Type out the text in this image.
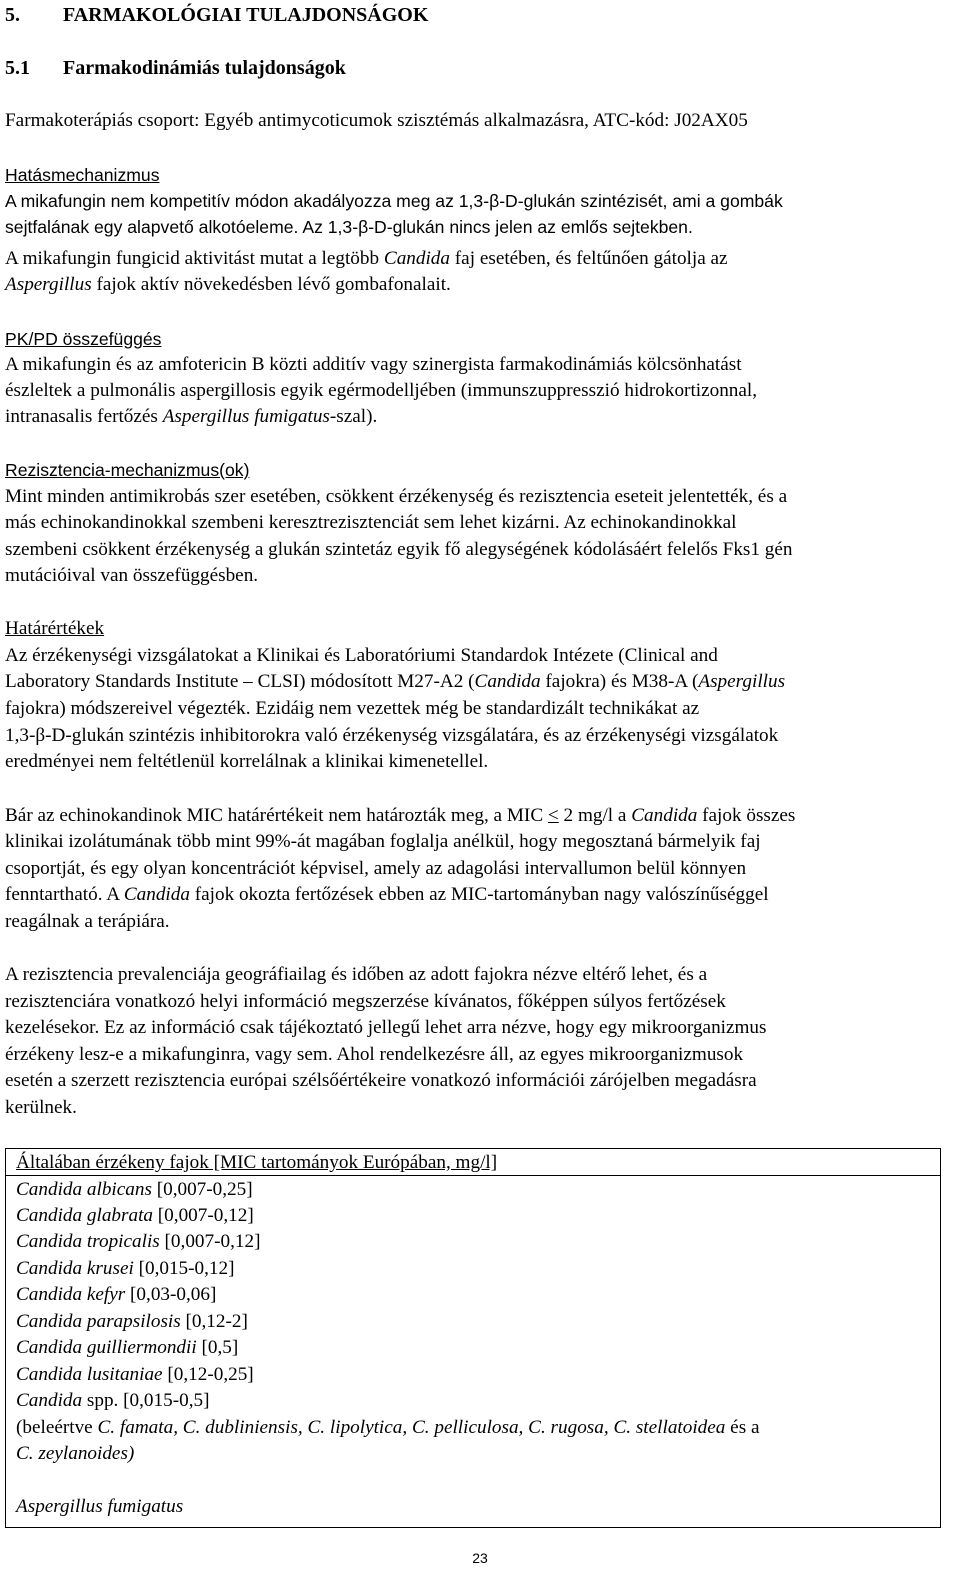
5. FARMAKOLÓGIAI TULAJDONSÁGOK
5.1 Farmakodinámiás tulajdonságok
Farmakoterápiás csoport: Egyéb antimycoticumok szisztémás alkalmazásra, ATC-kód: J02AX05
Hatásmechanizmus
A mikafungin nem kompetitív módon akadályozza meg az 1,3-β-D-glukán szintézisét, ami a gombák
sejtfalának egy alapvető alkotóeleme. Az 1,3-β-D-glukán nincs jelen az emlős sejtekben.
A mikafungin fungicid aktivitást mutat a legtöbb Candida faj esetében, és feltűnően gátolja az
Aspergillus fajok aktív növekedésben lévő gombafonalait.
PK/PD összefüggés
A mikafungin és az amfotericin B közti additív vagy szinergista farmakodinámiás kölcsönhatást
észleltek a pulmonális aspergillosis egyik egérmodelljében (immunszuppresszió hidrokortizonnal,
intranasalis fertőzés Aspergillus fumigatus-szal).
Rezisztencia-mechanizmus(ok)
Mint minden antimikrobás szer esetében, csökkent érzékenység és rezisztencia eseteit jelentették, és a
más echinokandinokkal szembeni keresztrezisztenciát sem lehet kizárni. Az echinokandinokkal
szembeni csökkent érzékenység a glukán szintetáz egyik fő alegységének kódolásáért felelős Fks1 gén
mutációival van összefüggésben.
Határértékek
Az érzékenységi vizsgálatokat a Klinikai és Laboratóriumi Standardok Intézete (Clinical and
Laboratory Standards Institute – CLSI) módosított M27-A2 (Candida fajokra) és M38-A (Aspergillus
fajokra) módszereivel végezték. Ezidáig nem vezettek még be standardizált technikákat az
1,3-β-D-glukán szintézis inhibitorokra való érzékenység vizsgálatára, és az érzékenységi vizsgálatok
eredményei nem feltétlenül korrelálnak a klinikai kimenetellel.
Bár az echinokandinok MIC határértékeit nem határozták meg, a MIC < 2 mg/l a Candida fajok összes
klinikai izolátumának több mint 99%-át magában foglalja anélkül, hogy megosztaná bármelyik faj
csoportját, és egy olyan koncentrációt képvisel, amely az adagolási intervallumon belül könnyen
fenntartható. A Candida fajok okozta fertőzések ebben az MIC-tartományban nagy valószínűséggel
reagálnak a terápiára.
A rezisztencia prevalenciája geográfiailag és időben az adott fajokra nézve eltérő lehet, és a
rezisztenciára vonatkozó helyi információ megszerzése kívánatos, főképpen súlyos fertőzések
kezelésekor. Ez az információ csak tájékoztató jellegű lehet arra nézve, hogy egy mikroorganizmus
érzékeny lesz-e a mikafunginra, vagy sem. Ahol rendelkezésre áll, az egyes mikroorganizmusok
esetén a szerzett rezisztencia európai szélsőértékeire vonatkozó információi zárójelben megadásra
kerülnek.
Általában érzékeny fajok [MIC tartományok Európában, mg/l]
Candida albicans [0,007-0,25]
Candida glabrata [0,007-0,12]
Candida tropicalis [0,007-0,12]
Candida krusei [0,015-0,12]
Candida kefyr [0,03-0,06]
Candida parapsilosis [0,12-2]
Candida guilliermondii [0,5]
Candida lusitaniae [0,12-0,25]
Candida spp. [0,015-0,5]
(beleértve C. famata, C. dubliniensis, C. lipolytica, C. pelliculosa, C. rugosa, C. stellatoidea és a
C. zeylanoides)
Aspergillus fumigatus
23
